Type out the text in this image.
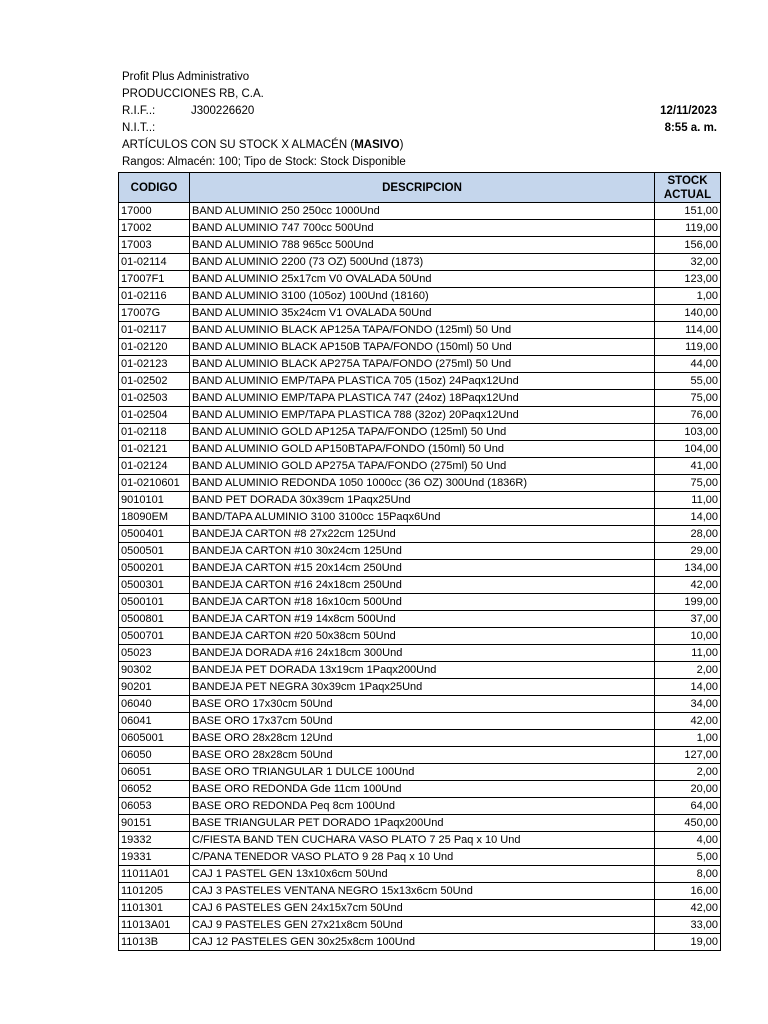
Profit Plus Administrativo
PRODUCCIONES RB, C.A.
R.I.F..:	J300226620	12/11/2023
N.I.T..:	8:55 a. m.
ARTÍCULOS CON SU STOCK X ALMACÉN (MASIVO)
Rangos: Almacén: 100; Tipo de Stock: Stock Disponible
CODIGO	DESCRIPCION	STOCK
ACTUAL
17000	BAND ALUMINIO 250 250cc 1000Und	151,00
17002	BAND ALUMINIO 747 700cc 500Und	119,00
17003	BAND ALUMINIO 788 965cc 500Und	156,00
01-02114	BAND ALUMINIO 2200 (73 OZ) 500Und (1873)	32,00
17007F1	BAND ALUMINIO 25x17cm V0 OVALADA 50Und	123,00
01-02116	BAND ALUMINIO 3100 (105oz) 100Und (18160)	1,00
17007G	BAND ALUMINIO 35x24cm V1 OVALADA 50Und	140,00
01-02117	BAND ALUMINIO BLACK AP125A TAPA/FONDO (125ml) 50 Und	114,00
01-02120	BAND ALUMINIO BLACK AP150B TAPA/FONDO (150ml) 50 Und	119,00
01-02123	BAND ALUMINIO BLACK AP275A TAPA/FONDO (275ml) 50 Und	44,00
01-02502	BAND ALUMINIO EMP/TAPA PLASTICA 705 (15oz) 24Paqx12Und	55,00
01-02503	BAND ALUMINIO EMP/TAPA PLASTICA 747 (24oz) 18Paqx12Und	75,00
01-02504	BAND ALUMINIO EMP/TAPA PLASTICA 788 (32oz) 20Paqx12Und	76,00
01-02118	BAND ALUMINIO GOLD AP125A TAPA/FONDO (125ml) 50 Und	103,00
01-02121	BAND ALUMINIO GOLD AP150BTAPA/FONDO (150ml) 50 Und	104,00
01-02124	BAND ALUMINIO GOLD AP275A TAPA/FONDO (275ml) 50 Und	41,00
01-0210601	BAND ALUMINIO REDONDA 1050 1000cc (36 OZ) 300Und (1836R)	75,00
9010101	BAND PET DORADA 30x39cm 1Paqx25Und	11,00
18090EM	BAND/TAPA ALUMINIO 3100 3100cc 15Paqx6Und	14,00
0500401	BANDEJA CARTON #8 27x22cm 125Und	28,00
0500501	BANDEJA CARTON #10 30x24cm 125Und	29,00
0500201	BANDEJA CARTON #15 20x14cm 250Und	134,00
0500301	BANDEJA CARTON #16 24x18cm 250Und	42,00
0500101	BANDEJA CARTON #18 16x10cm 500Und	199,00
0500801	BANDEJA CARTON #19 14x8cm 500Und	37,00
0500701	BANDEJA CARTON #20 50x38cm 50Und	10,00
05023	BANDEJA DORADA #16 24x18cm 300Und	11,00
90302	BANDEJA PET DORADA 13x19cm 1Paqx200Und	2,00
90201	BANDEJA PET NEGRA 30x39cm 1Paqx25Und	14,00
06040	BASE ORO 17x30cm 50Und	34,00
06041	BASE ORO 17x37cm 50Und	42,00
0605001	BASE ORO 28x28cm 12Und	1,00
06050	BASE ORO 28x28cm 50Und	127,00
06051	BASE ORO TRIANGULAR 1 DULCE 100Und	2,00
06052	BASE ORO REDONDA Gde 11cm 100Und	20,00
06053	BASE ORO REDONDA Peq 8cm 100Und	64,00
90151	BASE TRIANGULAR PET DORADO 1Paqx200Und	450,00
19332	C/FIESTA BAND TEN CUCHARA VASO PLATO 7 25 Paq x 10 Und	4,00
19331	C/PANA TENEDOR VASO PLATO 9 28 Paq x 10 Und	5,00
11011A01	CAJ 1 PASTEL GEN 13x10x6cm 50Und	8,00
1101205	CAJ 3 PASTELES VENTANA NEGRO 15x13x6cm 50Und	16,00
1101301	CAJ 6 PASTELES GEN 24x15x7cm 50Und	42,00
11013A01	CAJ 9 PASTELES GEN 27x21x8cm 50Und	33,00
11013B	CAJ 12 PASTELES GEN 30x25x8cm 100Und	19,00
